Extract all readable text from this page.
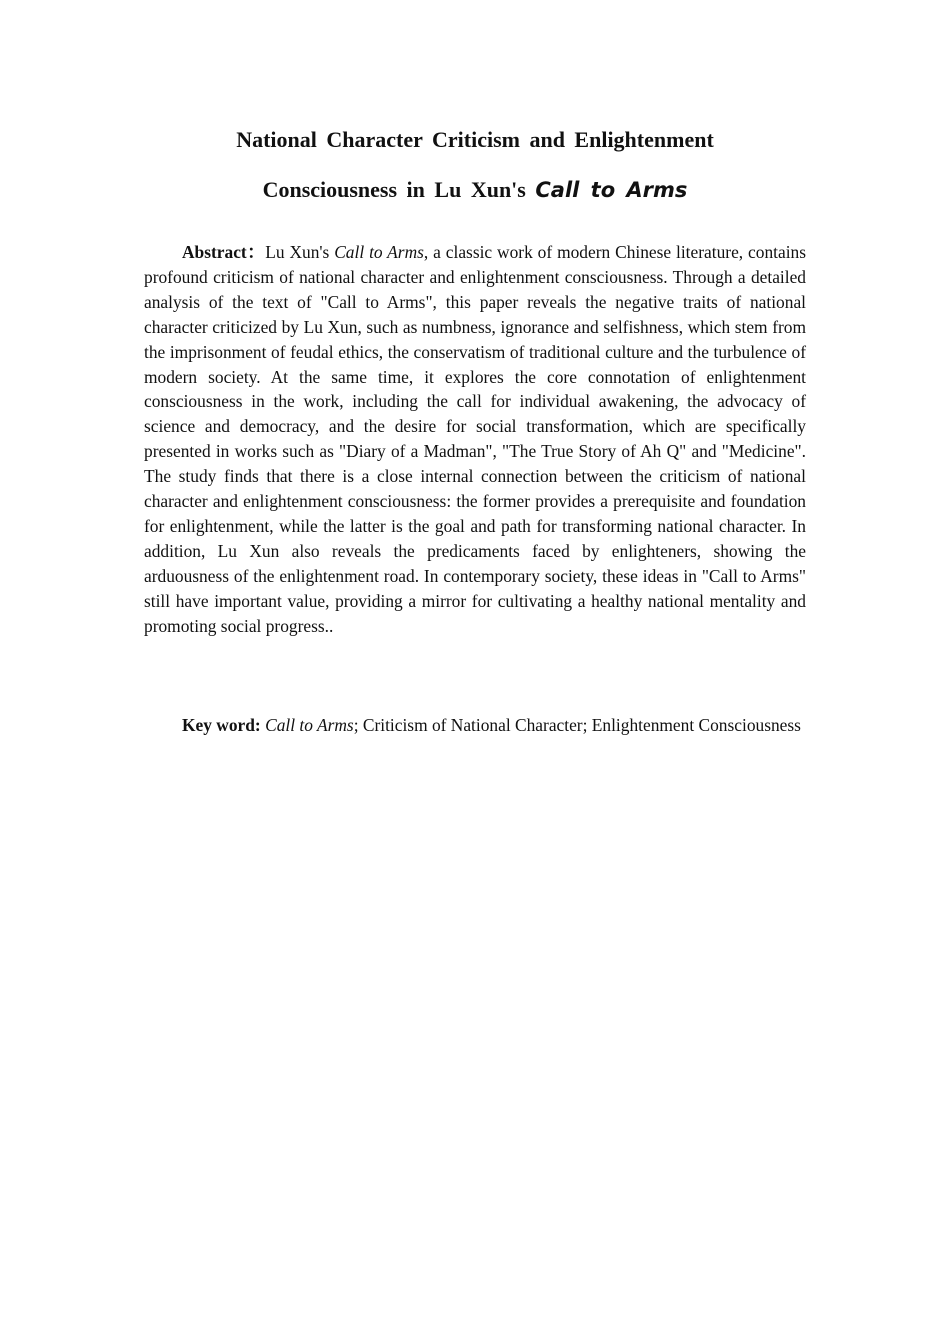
National Character Criticism and Enlightenment
Consciousness in Lu Xun's Call to Arms

Abstract：Lu Xun's Call to Arms, a classic work of modern Chinese literature, contains profound criticism of national character and enlightenment consciousness. Through a detailed analysis of the text of "Call to Arms", this paper reveals the negative traits of national character criticized by Lu Xun, such as numbness, ignorance and selfishness, which stem from the imprisonment of feudal ethics, the conservatism of traditional culture and the turbulence of modern society. At the same time, it explores the core connotation of enlightenment consciousness in the work, including the call for individual awakening, the advocacy of science and democracy, and the desire for social transformation, which are specifically presented in works such as "Diary of a Madman", "The True Story of Ah Q" and "Medicine". The study finds that there is a close internal connection between the criticism of national character and enlightenment consciousness: the former provides a prerequisite and foundation for enlightenment, while the latter is the goal and path for transforming national character. In addition, Lu Xun also reveals the predicaments faced by enlighteners, showing the arduousness of the enlightenment road. In contemporary society, these ideas in "Call to Arms" still have important value, providing a mirror for cultivating a healthy national mentality and promoting social progress..

Key word: Call to Arms; Criticism of National Character; Enlightenment Consciousness
